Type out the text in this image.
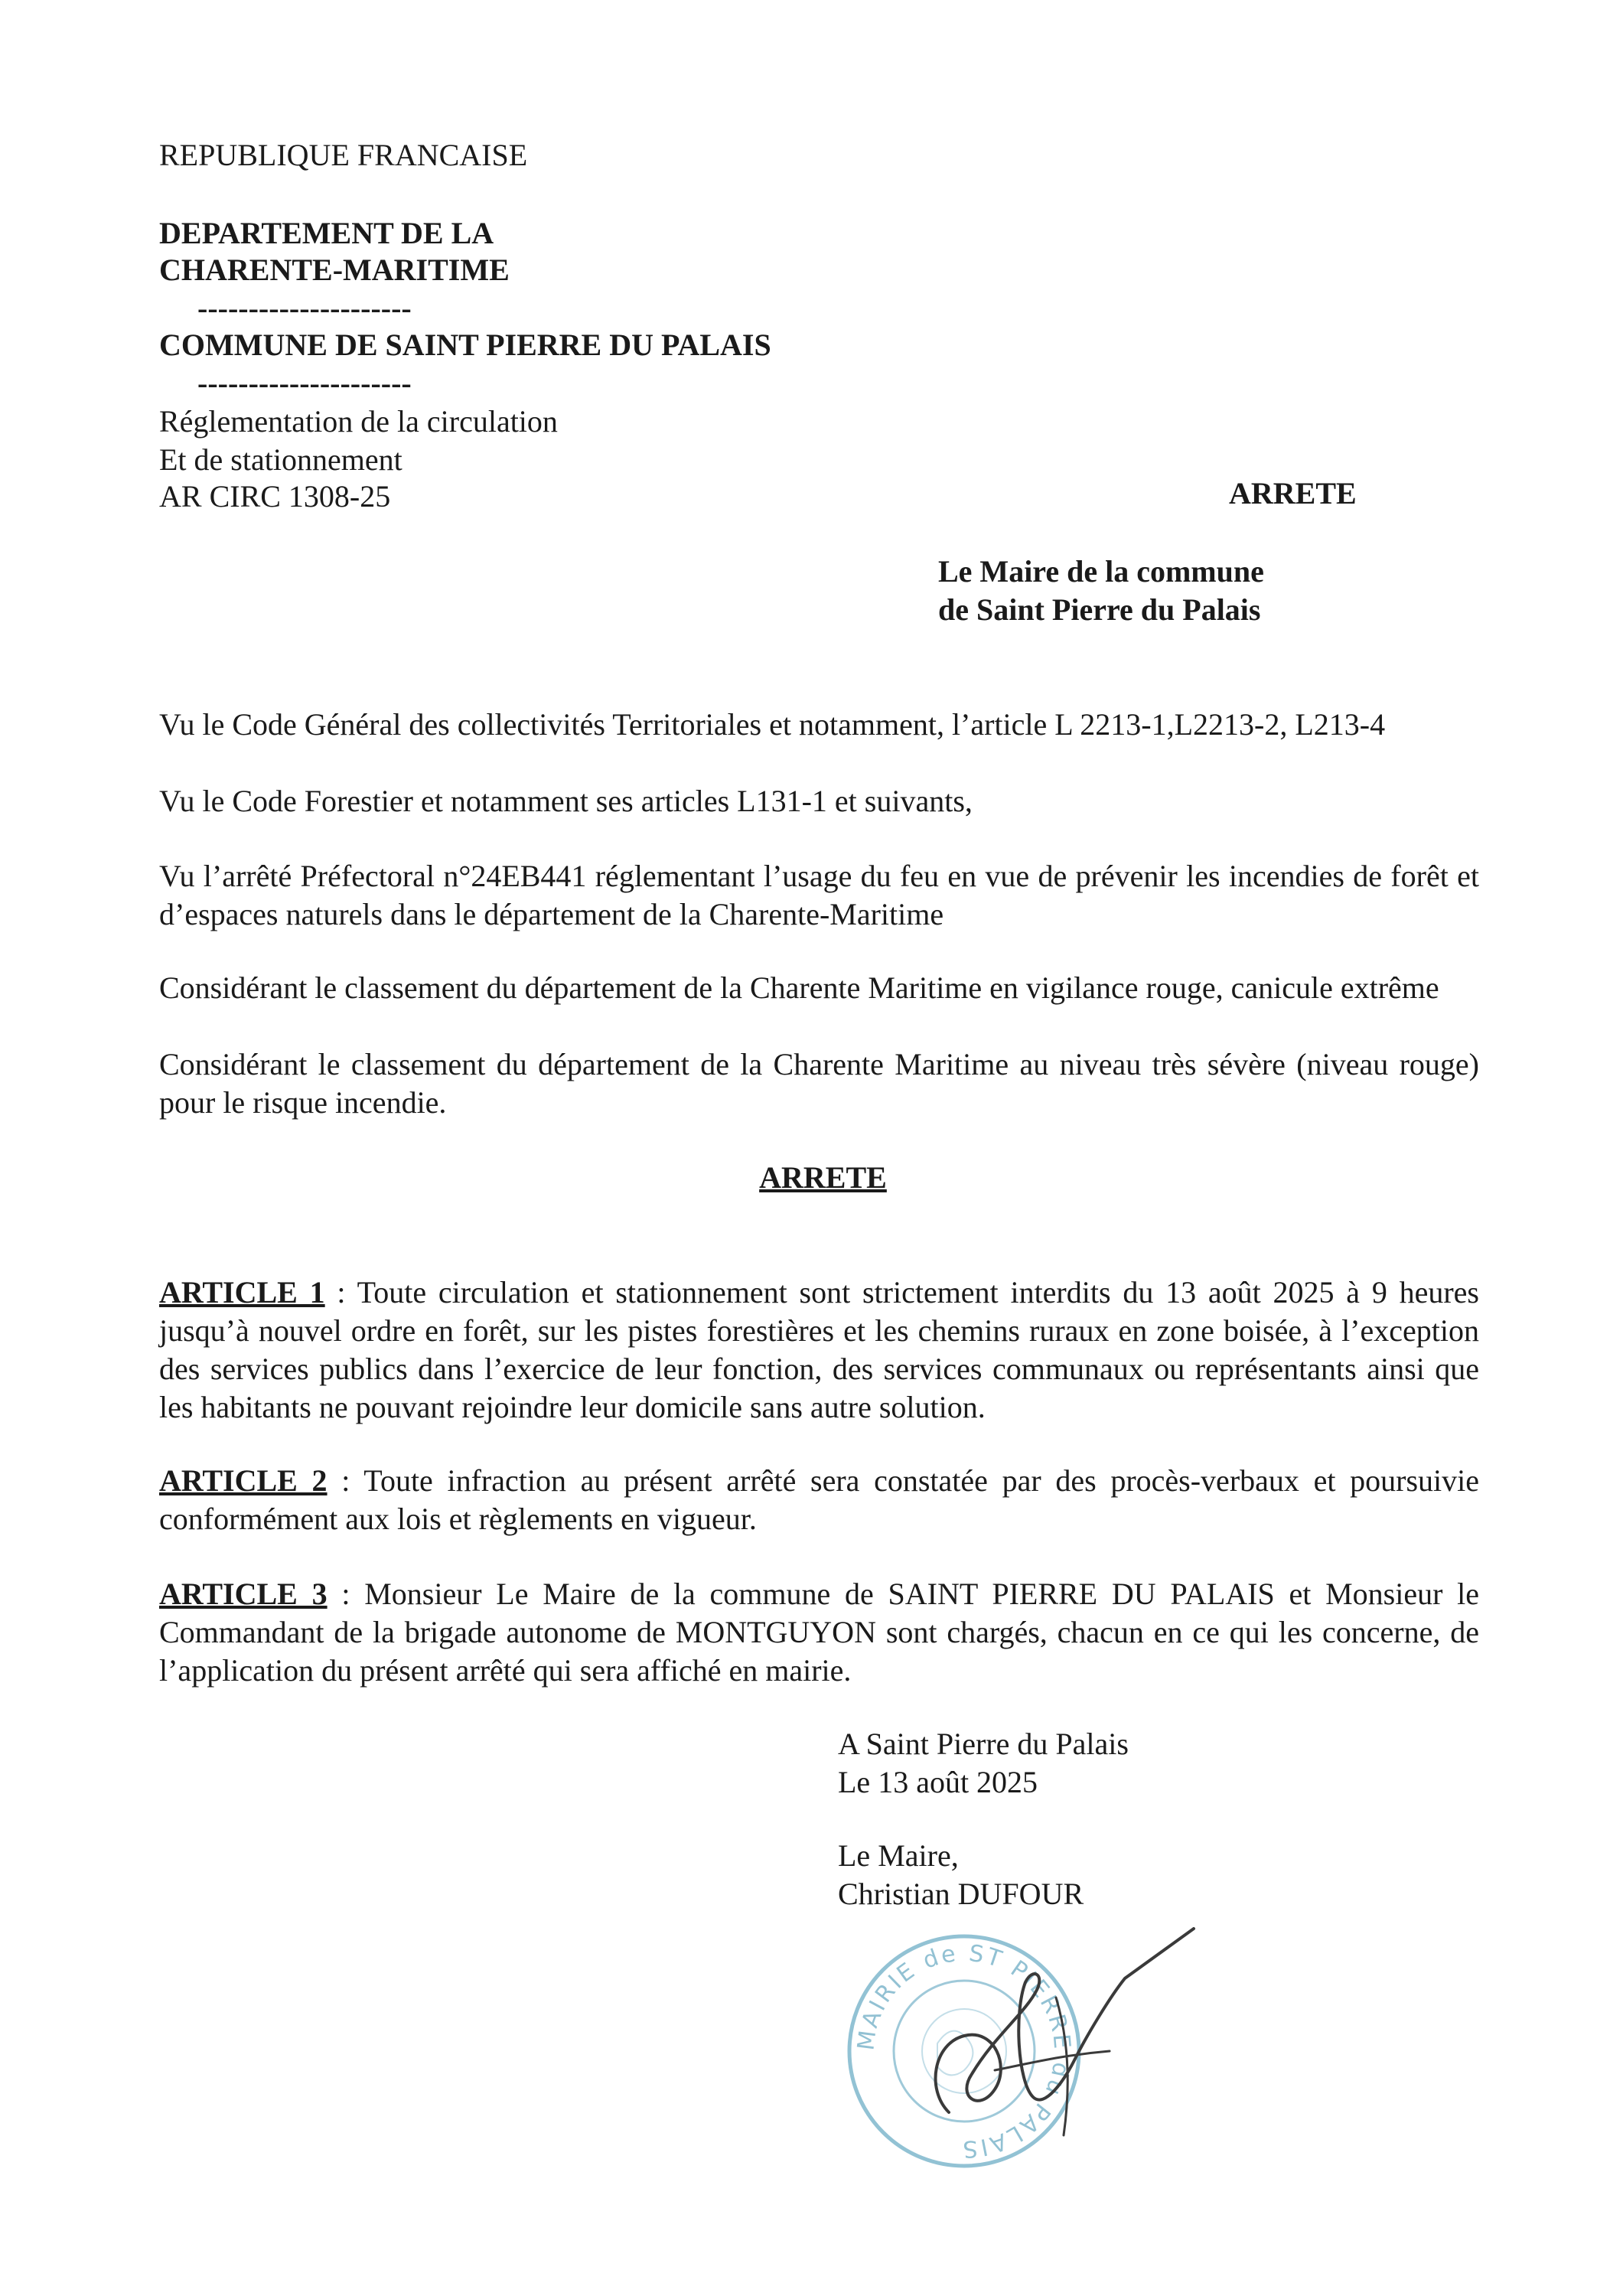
REPUBLIQUE FRANCAISE
DEPARTEMENT DE LA
CHARENTE-MARITIME
---------------------
COMMUNE DE SAINT PIERRE DU PALAIS
---------------------
Réglementation de la circulation
Et de stationnement
AR CIRC 1308-25	ARRETE
Le Maire de la commune
de Saint Pierre du Palais
Vu le Code Général des collectivités Territoriales et notamment, l’article L 2213-1,L2213-2, L213-4
Vu le Code Forestier et notamment ses articles L131-1 et suivants,
Vu l’arrêté Préfectoral n°24EB441 réglementant l’usage du feu en vue de prévenir les incendies de forêt et d’espaces naturels dans le département de la Charente-Maritime
Considérant le classement du département de la Charente Maritime en vigilance rouge, canicule extrême
Considérant le classement du département de la Charente Maritime au niveau très sévère (niveau rouge) pour le risque incendie.
ARRETE
ARTICLE 1 : Toute circulation et stationnement sont strictement interdits du 13 août 2025 à 9 heures jusqu’à nouvel ordre en forêt, sur les pistes forestières et les chemins ruraux en zone boisée, à l’exception des services publics dans l’exercice de leur fonction, des services communaux ou représentants ainsi que les habitants ne pouvant rejoindre leur domicile sans autre solution.
ARTICLE 2 : Toute infraction au présent arrêté sera constatée par des procès-verbaux et poursuivie conformément aux lois et règlements en vigueur.
ARTICLE 3 : Monsieur Le Maire de la commune de SAINT PIERRE DU PALAIS et Monsieur le Commandant de la brigade autonome de MONTGUYON sont chargés, chacun en ce qui les concerne, de l’application du présent arrêté qui sera affiché en mairie.
A Saint Pierre du Palais
Le 13 août 2025
Le Maire,
Christian DUFOUR
MAIRIE de ST PIERRE du PALAIS
